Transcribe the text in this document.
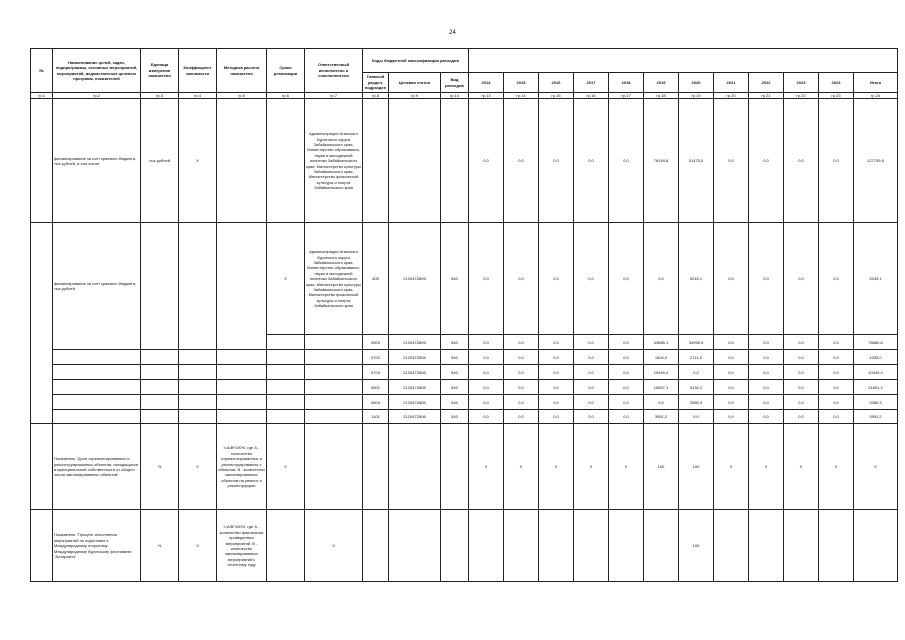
24
№	Наименование целей, задач, подпрограммы, основных мероприятий, мероприятий, ведомственных целевых программ, показателей	Единица измерения показателя	Коэффициент значимости	Методика расчета показателя	Сроки реализации	Ответственный исполнитель и соисполнители	Коды бюджетной классификации расходов														
							Главный раздел, подраздел	Целевая статья	Вид расходов	2014	2015	2016	2017	2018	2019	2020	2021	2022	2023	2024	Итого
гр.1	гр.2	гр.3	гр.4	гр.5	гр.6	гр.7	гр.8	гр.9	гр.10	гр.13	гр.14	гр.15	гр.16	гр.17	гр.18	гр.19	гр.20	гр.21	гр.22	гр.23	гр.24
	финансирование за счет краевого бюджета, тыс.рублей, в том числе:	тыс.рублей	Х			Администрация Агинского Бурятского округа Забайкальского края, Министерство образования, науки и молодежной политики Забайкальского края, Министерство культуры Забайкальского края, Министерство физической культуры и спорта Забайкальского края				0,0	0,0	0,0	0,0	0,0	76194,8	51475,0	0,0	0,0	0,0	0,0	127739,8
	финансирование за счет краевого бюджета, тыс.рублей				Х	Администрация Агинского бурятского округа Забайкальского края, Министерство образования, науки и молодежной политики Забайкальского края, Министерство культуры Забайкальского края, Министерство физической культуры и спорта Забайкальского края	405	212047Z806	540	0,0	0,0	0,0	0,0	0,0	0,0	5243,1	0,0	0,0	0,0	0,0	5243,1
							0503	212047Z806	540	0,0	0,0	0,0	0,0	0,0	43685,1	34995,5	0,0	0,0	0,0	0,0	78680,6
							0702	212047Z806	540	0,0	0,0	0,0	0,0	0,0	1624,0	2711,0	0,0	0,0	0,0	0,0	4335,0
							0703	212047Z806	540	0,0	0,0	0,0	0,0	0,0	10449,4	0,0	0,0	0,0	0,0	0,0	10449,4
							0801	212047Z806	540	0,0	0,0	0,0	0,0	0,0	16557,1	5134,1	0,0	0,0	0,0	0,0	21691,2
							0804	212047Z806	540	0,0	0,0	0,0	0,0	0,0	0,0	3389,3	0,0	0,0	0,0	0,0	3389,3
							1101	212047Z806	540	0,0	0,0	0,0	0,0	0,0	3951,2	0,0	0,0	0,0	0,0	0,0	3951,2
	Показатель "Доля отремонтированных и реконструированных объектов, находящихся в муниципальной собственности от общего числа запланированных объектов"	%	Х	I=A/B*100%, где А - количество отремонтированных и реконструированны х объектов, В - количество запланированных объектов на ремонт и реконструкцию	Х					Х	Х	Х	Х	Х	100	100	Х	Х	Х	Х	Х
	Показатель "Процент исполнения мероприятий по подготовке к Международному открытому Международному бурятскому фестивалю "Алтаргана"	%	Х	I=A/B*100%, где А - количество фактически проведенных мероприятий, В - количество запланированных мероприятий к отчетному году		Х										100					
